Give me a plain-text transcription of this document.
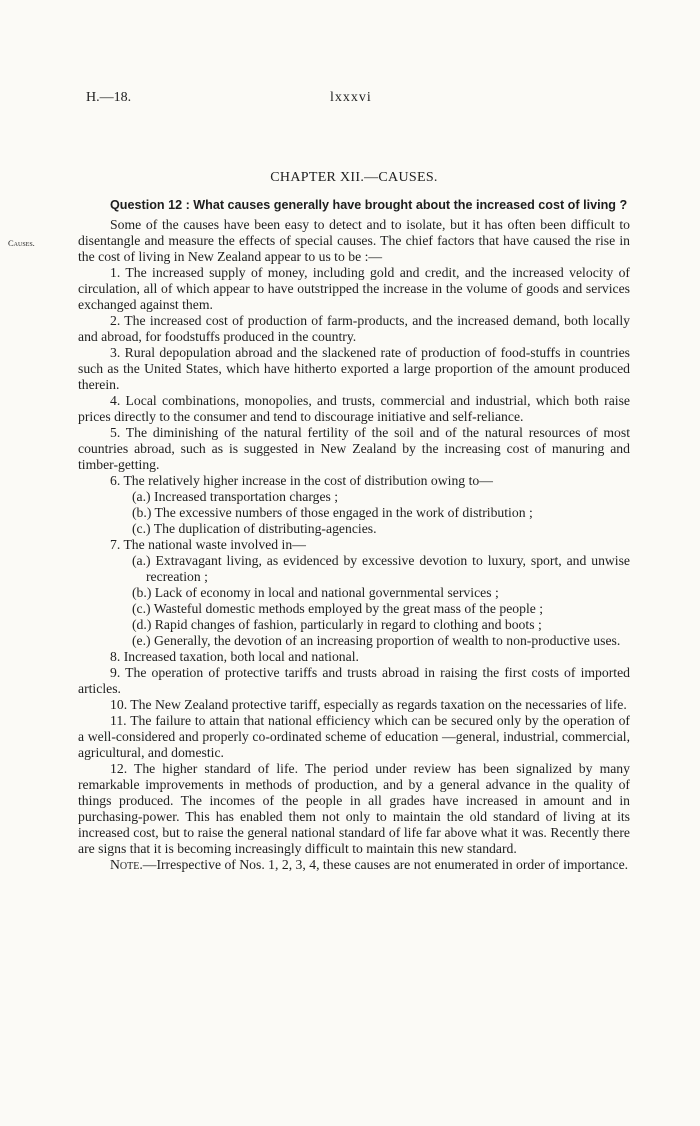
H.—18.	lxxxvi
Causes.

CHAPTER XII.—CAUSES.

Question 12 : What causes generally have brought about the increased cost of living ?

Some of the causes have been easy to detect and to isolate, but it has often been difficult to disentangle and measure the effects of special causes. The chief factors that have caused the rise in the cost of living in New Zealand appear to us to be :—

1. The increased supply of money, including gold and credit, and the increased velocity of circulation, all of which appear to have outstripped the increase in the volume of goods and services exchanged against them.

2. The increased cost of production of farm-products, and the increased demand, both locally and abroad, for foodstuffs produced in the country.

3. Rural depopulation abroad and the slackened rate of production of food-stuffs in countries such as the United States, which have hitherto exported a large proportion of the amount produced therein.

4. Local combinations, monopolies, and trusts, commercial and industrial, which both raise prices directly to the consumer and tend to discourage initiative and self-reliance.

5. The diminishing of the natural fertility of the soil and of the natural resources of most countries abroad, such as is suggested in New Zealand by the increasing cost of manuring and timber-getting.

6. The relatively higher increase in the cost of distribution owing to—

(a.) Increased transportation charges ;

(b.) The excessive numbers of those engaged in the work of distribution ;

(c.) The duplication of distributing-agencies.

7. The national waste involved in—

(a.) Extravagant living, as evidenced by excessive devotion to luxury, sport, and unwise recreation ;

(b.) Lack of economy in local and national governmental services ;

(c.) Wasteful domestic methods employed by the great mass of the people ;

(d.) Rapid changes of fashion, particularly in regard to clothing and boots ;

(e.) Generally, the devotion of an increasing proportion of wealth to non-productive uses.

8. Increased taxation, both local and national.

9. The operation of protective tariffs and trusts abroad in raising the first costs of imported articles.

10. The New Zealand protective tariff, especially as regards taxation on the necessaries of life.

11. The failure to attain that national efficiency which can be secured only by the operation of a well-considered and properly co-ordinated scheme of education —general, industrial, commercial, agricultural, and domestic.

12. The higher standard of life. The period under review has been signalized by many remarkable improvements in methods of production, and by a general advance in the quality of things produced. The incomes of the people in all grades have increased in amount and in purchasing-power. This has enabled them not only to maintain the old standard of living at its increased cost, but to raise the general national standard of life far above what it was. Recently there are signs that it is becoming increasingly difficult to maintain this new standard.

Note.—Irrespective of Nos. 1, 2, 3, 4, these causes are not enumerated in order of importance.
